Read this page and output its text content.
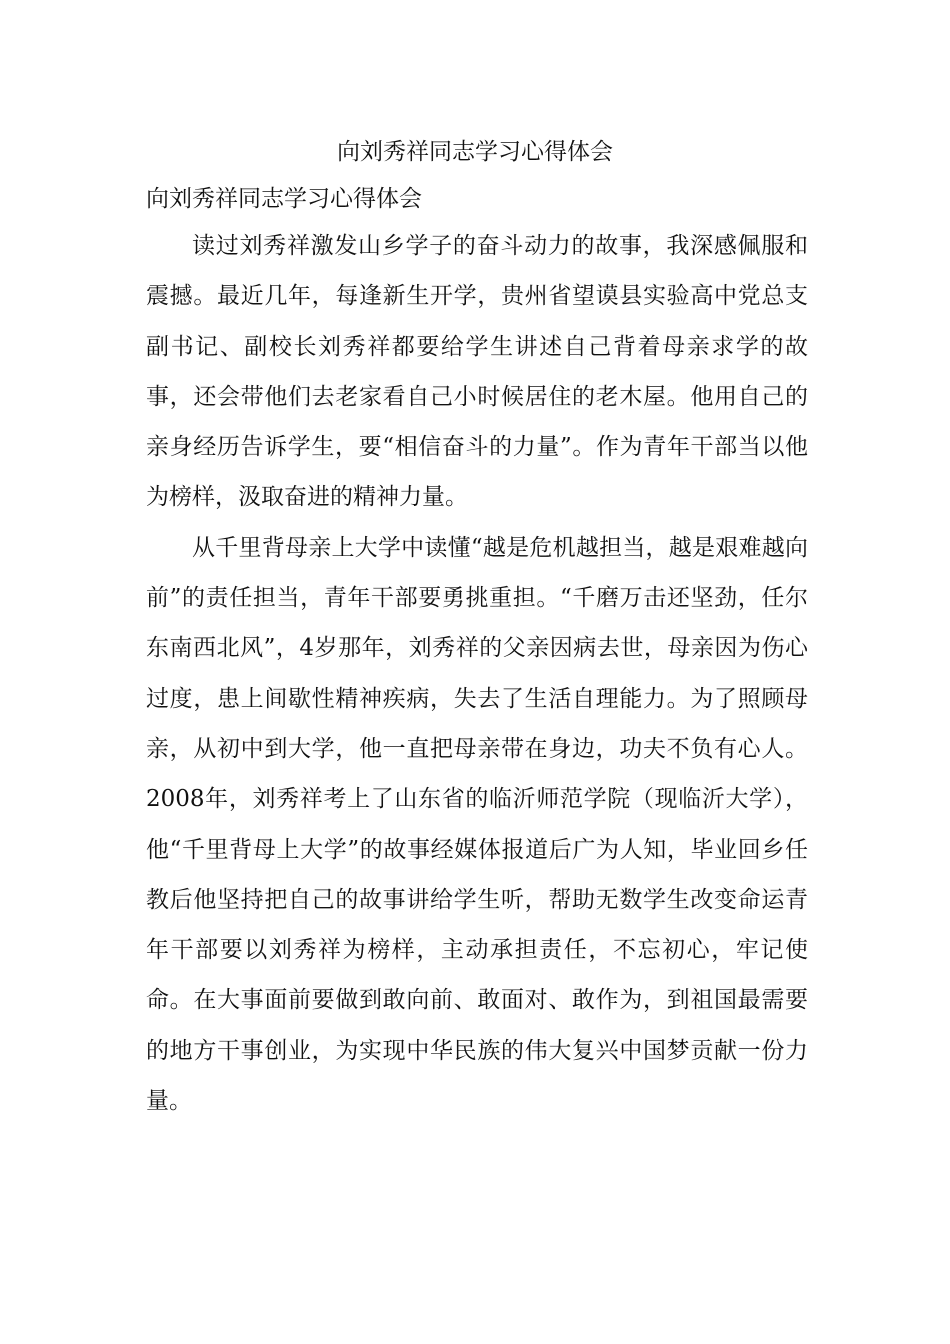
向刘秀祥同志学习心得体会

向刘秀祥同志学习心得体会

读过刘秀祥激发山乡学子的奋斗动力的故事，我深感佩服和震撼。最近几年，每逢新生开学，贵州省望谟县实验高中党总支副书记、副校长刘秀祥都要给学生讲述自己背着母亲求学的故事，还会带他们去老家看自己小时候居住的老木屋。他用自己的亲身经历告诉学生，要“相信奋斗的力量”。作为青年干部当以他为榜样，汲取奋进的精神力量。

从千里背母亲上大学中读懂“越是危机越担当，越是艰难越向前”的责任担当，青年干部要勇挑重担。“千磨万击还坚劲，任尔东南西北风”，4岁那年，刘秀祥的父亲因病去世，母亲因为伤心过度，患上间歇性精神疾病，失去了生活自理能力。为了照顾母亲，从初中到大学，他一直把母亲带在身边，功夫不负有心人。2008年，刘秀祥考上了山东省的临沂师范学院（现临沂大学），他“千里背母上大学”的故事经媒体报道后广为人知，毕业回乡任教后他坚持把自己的故事讲给学生听，帮助无数学生改变命运青年干部要以刘秀祥为榜样，主动承担责任，不忘初心，牢记使命。在大事面前要做到敢向前、敢面对、敢作为，到祖国最需要的地方干事创业，为实现中华民族的伟大复兴中国梦贡献一份力量。
